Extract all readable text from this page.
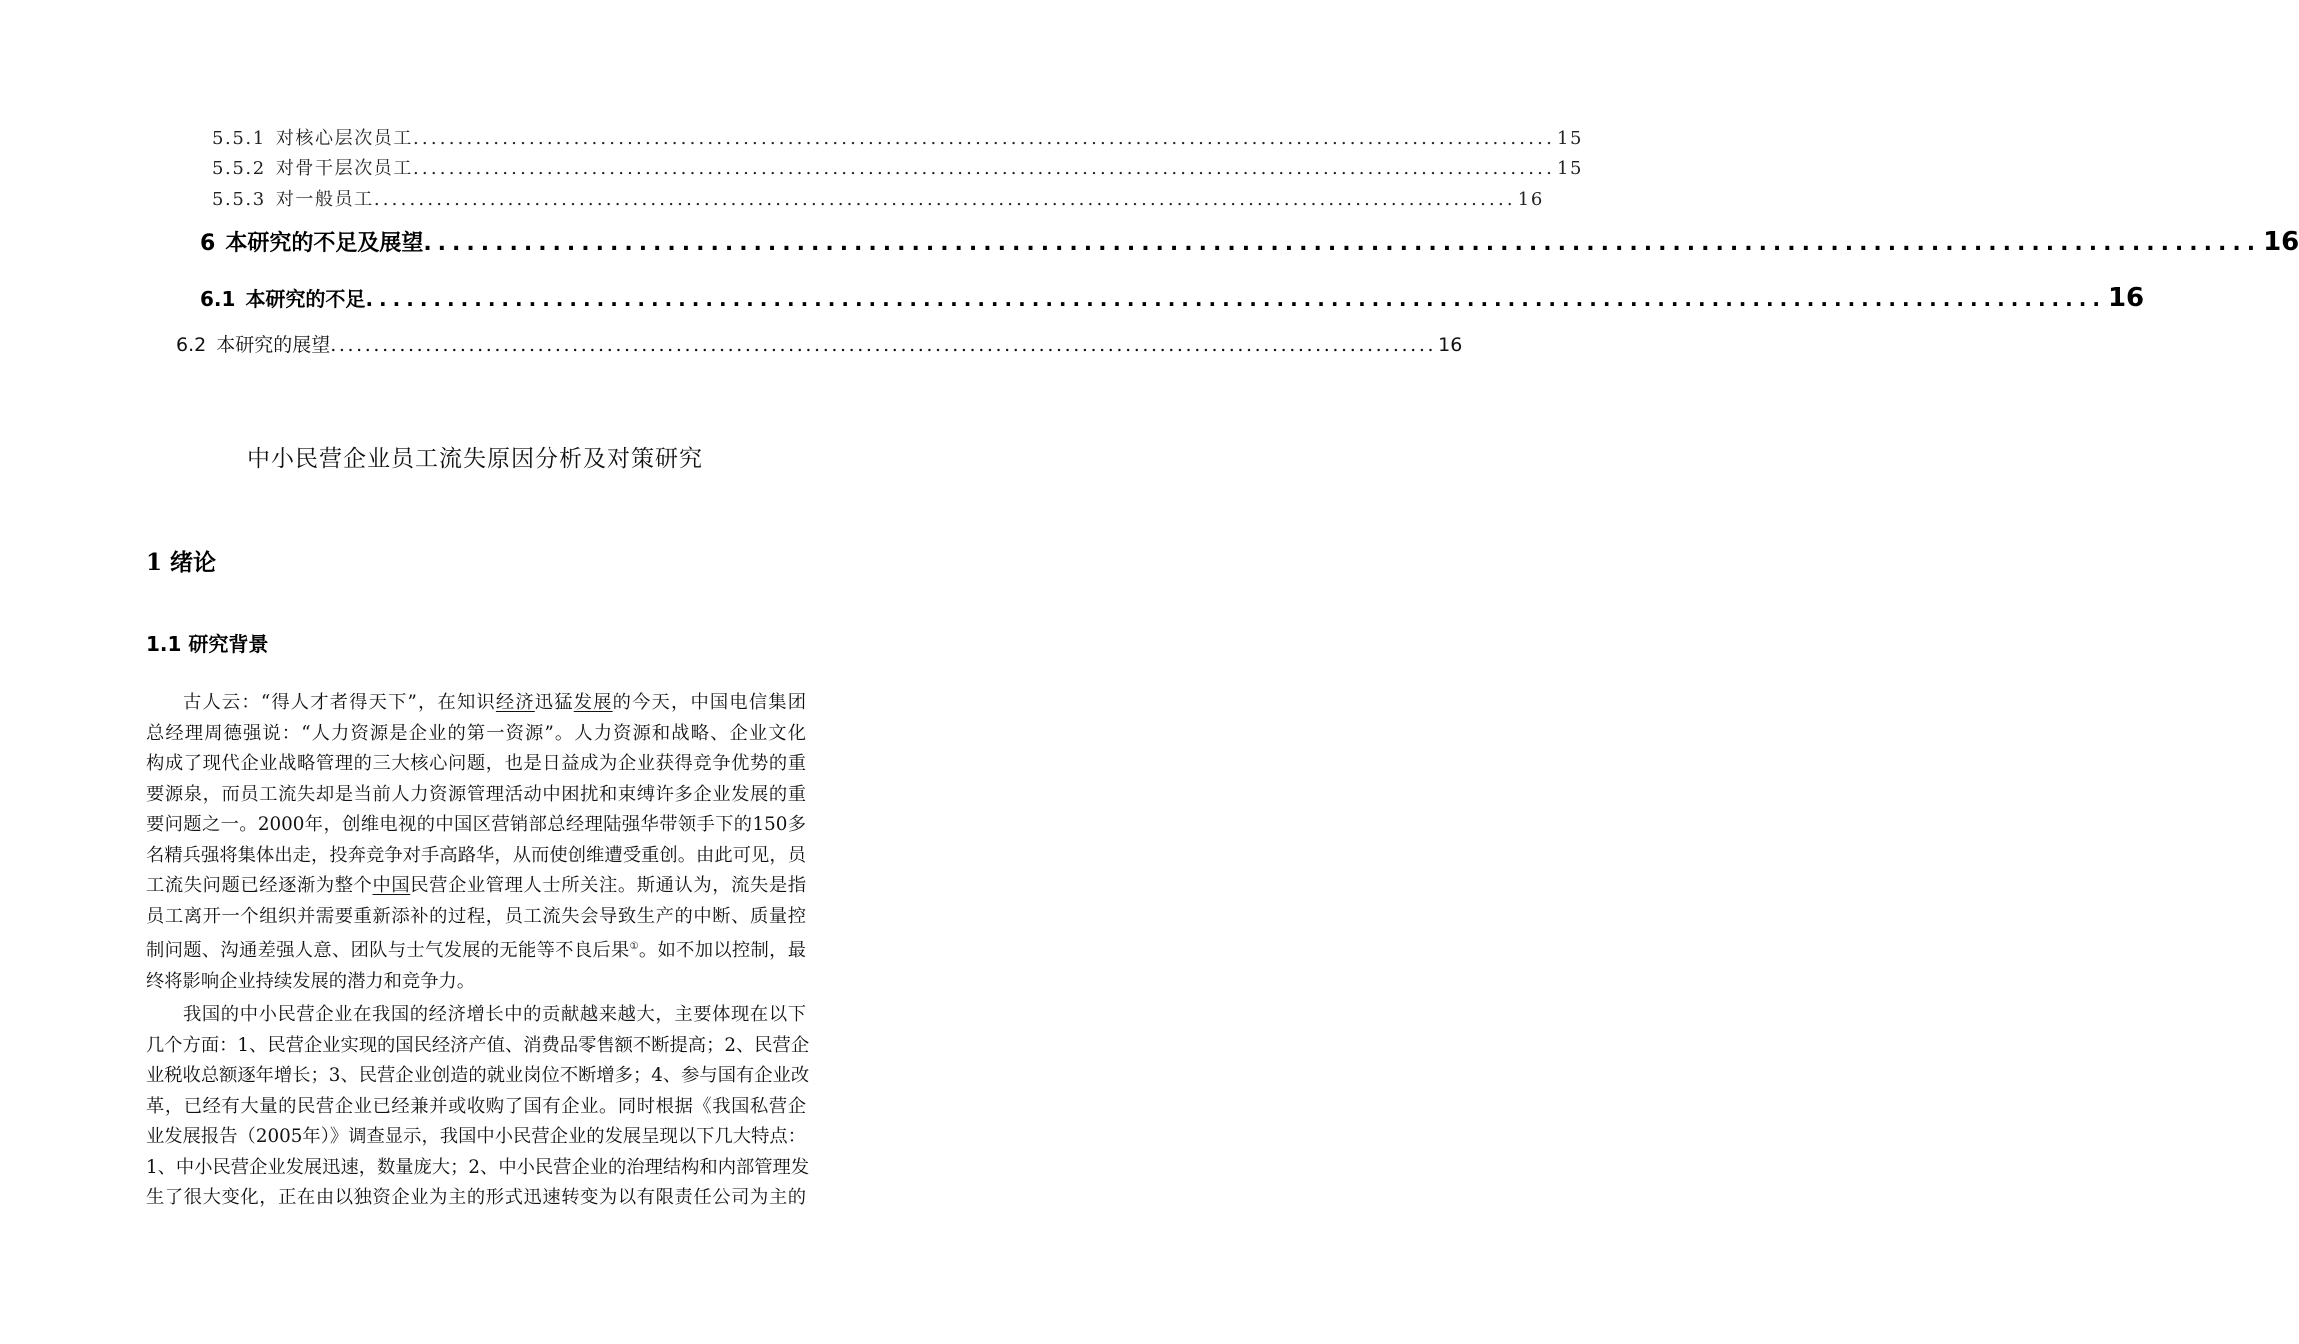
5.5.1 对核心层次员工 ................................................................................................................................ 15
5.5.2 对骨干层次员工 ................................................................................................................................ 15
5.5.3 对一般员工 ................................................................................................................................ 16
6 本研究的不足及展望 ................................................................................................................................ 16
6.1 本研究的不足 ................................................................................................................................ 16
6.2 本研究的展望 ................................................................................................................................ 16
中小民营企业员工流失原因分析及对策研究
1 绪论
1.1 研究背景
古人云：“得人才者得天下”，在知识经济迅猛发展的今天，中国电信集团
总经理周德强说：“人力资源是企业的第一资源”。人力资源和战略、企业文化
构成了现代企业战略管理的三大核心问题，也是日益成为企业获得竞争优势的重
要源泉，而员工流失却是当前人力资源管理活动中困扰和束缚许多企业发展的重
要问题之一。2000年，创维电视的中国区营销部总经理陆强华带领手下的150多
名精兵强将集体出走，投奔竞争对手高路华，从而使创维遭受重创。由此可见，员
工流失问题已经逐渐为整个中国民营企业管理人士所关注。斯通认为，流失是指
员工离开一个组织并需要重新添补的过程，员工流失会导致生产的中断、质量控
制问题、沟通差强人意、团队与士气发展的无能等不良后果①。如不加以控制，最
终将影响企业持续发展的潜力和竞争力。
我国的中小民营企业在我国的经济增长中的贡献越来越大，主要体现在以下
几个方面：1、民营企业实现的国民经济产值、消费品零售额不断提高；2、民营企
业税收总额逐年增长；3、民营企业创造的就业岗位不断增多；4、参与国有企业改
革，已经有大量的民营企业已经兼并或收购了国有企业。同时根据《我国私营企
业发展报告（2005年）》调查显示，我国中小民营企业的发展呈现以下几大特点：
1、中小民营企业发展迅速，数量庞大；2、中小民营企业的治理结构和内部管理发
生了很大变化，正在由以独资企业为主的形式迅速转变为以有限责任公司为主的
